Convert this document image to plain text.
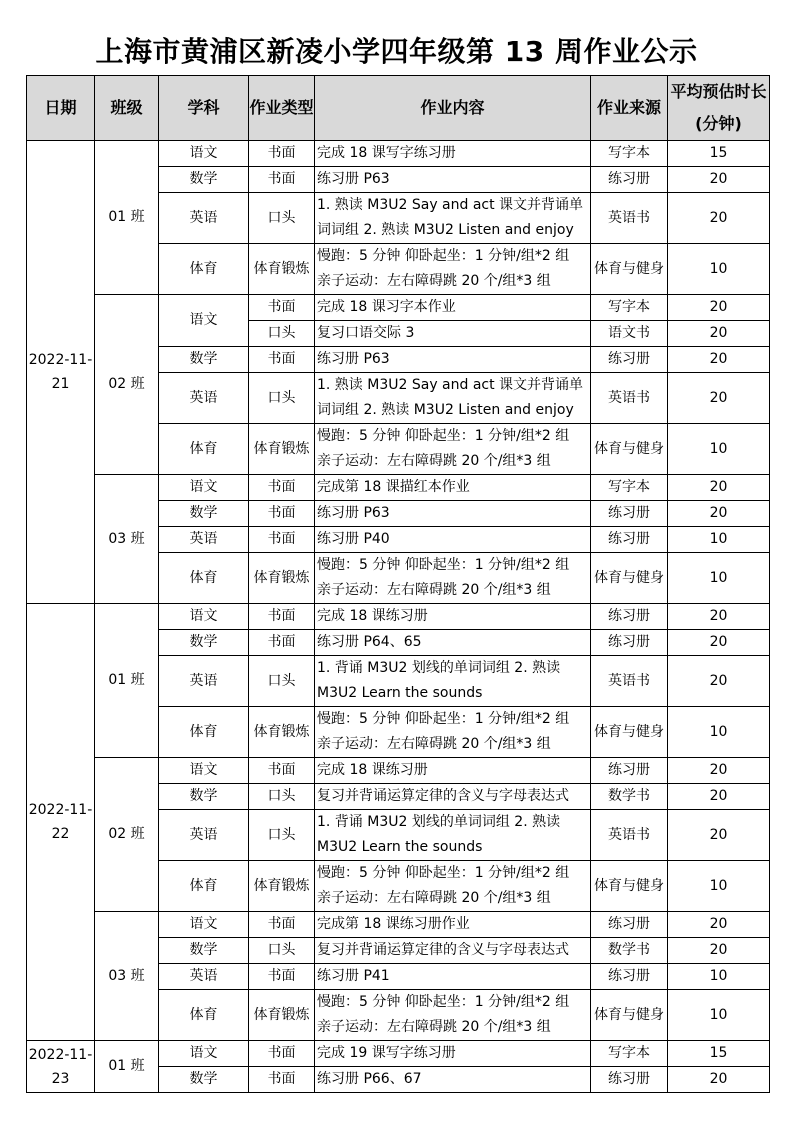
上海市黄浦区新凌小学四年级第 13 周作业公示
日期	班级	学科	作业类型	作业内容	作业来源	平均预估时长(分钟)

2022-11-
21	01 班	语文	书面	完成 18 课写字练习册	写字本	15
		数学	书面	练习册 P63	练习册	20
		英语	口头	1. 熟读 M3U2 Say and act 课文并背诵单
词词组 2. 熟读 M3U2 Listen and enjoy	英语书	20
		体育	体育锻炼	慢跑：5 分钟 仰卧起坐：1 分钟/组*2 组
亲子运动：左右障碍跳 20 个/组*3 组	体育与健身	10
	02 班	语文	书面	完成 18 课习字本作业	写字本	20
			口头	复习口语交际 3	语文书	20
		数学	书面	练习册 P63	练习册	20
		英语	口头	1. 熟读 M3U2 Say and act 课文并背诵单
词词组 2. 熟读 M3U2 Listen and enjoy	英语书	20
		体育	体育锻炼	慢跑：5 分钟 仰卧起坐：1 分钟/组*2 组
亲子运动：左右障碍跳 20 个/组*3 组	体育与健身	10
	03 班	语文	书面	完成第 18 课描红本作业	写字本	20
		数学	书面	练习册 P63	练习册	20
		英语	书面	练习册 P40	练习册	10
		体育	体育锻炼	慢跑：5 分钟 仰卧起坐：1 分钟/组*2 组
亲子运动：左右障碍跳 20 个/组*3 组	体育与健身	10

2022-11-
22	01 班	语文	书面	完成 18 课练习册	练习册	20
		数学	书面	练习册 P64、65	练习册	20
		英语	口头	1. 背诵 M3U2 划线的单词词组 2. 熟读
M3U2 Learn the sounds	英语书	20
		体育	体育锻炼	慢跑：5 分钟 仰卧起坐：1 分钟/组*2 组
亲子运动：左右障碍跳 20 个/组*3 组	体育与健身	10
	02 班	语文	书面	完成 18 课练习册	练习册	20
		数学	口头	复习并背诵运算定律的含义与字母表达式	数学书	20
		英语	口头	1. 背诵 M3U2 划线的单词词组 2. 熟读
M3U2 Learn the sounds	英语书	20
		体育	体育锻炼	慢跑：5 分钟 仰卧起坐：1 分钟/组*2 组
亲子运动：左右障碍跳 20 个/组*3 组	体育与健身	10
	03 班	语文	书面	完成第 18 课练习册作业	练习册	20
		数学	口头	复习并背诵运算定律的含义与字母表达式	数学书	20
		英语	书面	练习册 P41	练习册	10
		体育	体育锻炼	慢跑：5 分钟 仰卧起坐：1 分钟/组*2 组
亲子运动：左右障碍跳 20 个/组*3 组	体育与健身	10

2022-11-
23	01 班	语文	书面	完成 19 课写字练习册	写字本	15
		数学	书面	练习册 P66、67	练习册	20
